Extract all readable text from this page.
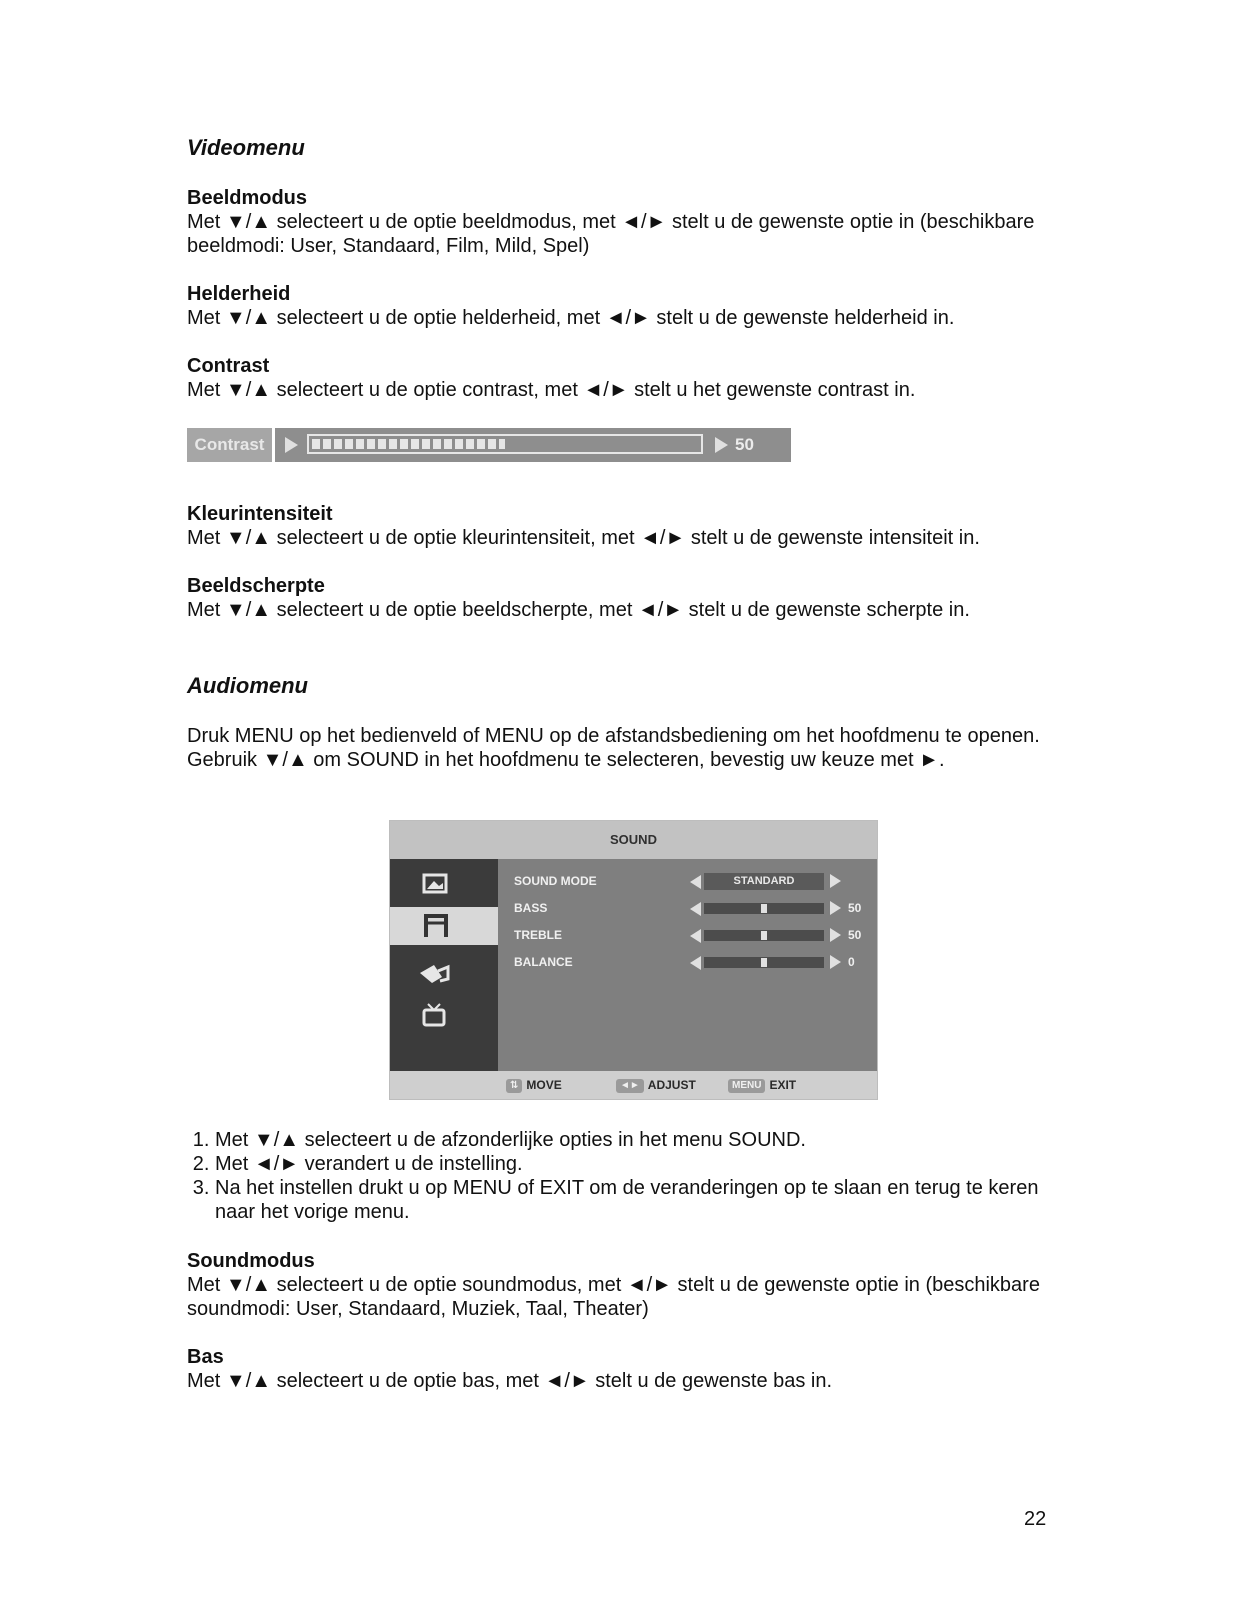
Videomenu
Beeldmodus
Met ▼/▲ selecteert u de optie beeldmodus, met ◄/► stelt u de gewenste optie in (beschikbare beeldmodi: User, Standaard, Film, Mild, Spel)
Helderheid
Met ▼/▲ selecteert u de optie helderheid, met ◄/► stelt u de gewenste helderheid in.
Contrast
Met ▼/▲ selecteert u de optie contrast, met ◄/► stelt u het gewenste contrast in.
Contrast	50
Kleurintensiteit
Met ▼/▲ selecteert u de optie kleurintensiteit, met ◄/► stelt u de gewenste intensiteit in.
Beeldscherpte
Met ▼/▲ selecteert u de optie beeldscherpte, met ◄/► stelt u de gewenste scherpte in.
Audiomenu
Druk MENU op het bedienveld of MENU op de afstandsbediening om het hoofdmenu te openen. Gebruik ▼/▲ om SOUND in het hoofdmenu te selecteren, bevestig uw keuze met ►.
SOUND
SOUND MODE	STANDARD
BASS	50
TREBLE	50
BALANCE	0
⇅ MOVE	◄► ADJUST	MENU EXIT
1. Met ▼/▲ selecteert u de afzonderlijke opties in het menu SOUND.
2. Met ◄/► verandert u de instelling.
3. Na het instellen drukt u op MENU of EXIT om de veranderingen op te slaan en terug te keren naar het vorige menu.
Soundmodus
Met ▼/▲ selecteert u de optie soundmodus, met ◄/► stelt u de gewenste optie in (beschikbare soundmodi: User, Standaard, Muziek, Taal, Theater)
Bas
Met ▼/▲ selecteert u de optie bas, met ◄/► stelt u de gewenste bas in.
22
